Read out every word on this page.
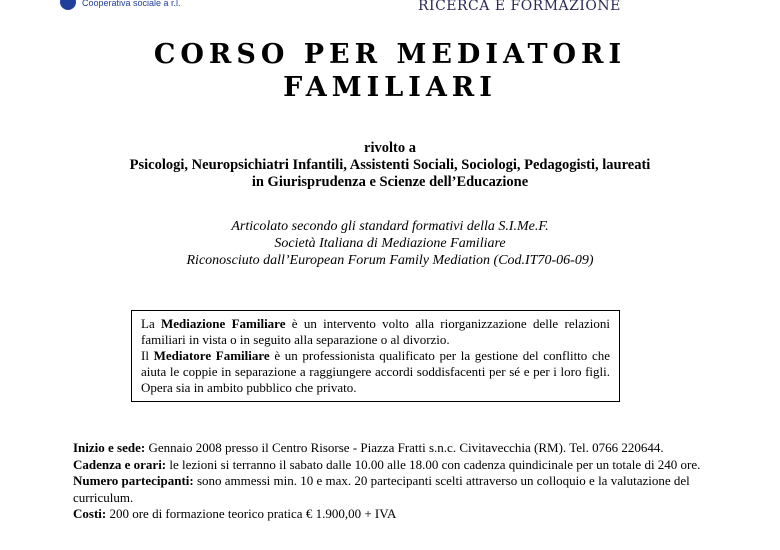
Cooperativa sociale a r.l.	RICERCA E FORMAZIONE
CORSO PER MEDIATORI
FAMILIARI
rivolto a
Psicologi, Neuropsichiatri Infantili, Assistenti Sociali, Sociologi, Pedagogisti, laureati
in Giurisprudenza e Scienze dell’Educazione
Articolato secondo gli standard formativi della S.I.Me.F.
Società Italiana di Mediazione Familiare
Riconosciuto dall’European Forum Family Mediation (Cod.IT70-06-09)

La Mediazione Familiare è un intervento volto alla riorganizzazione delle relazioni familiari in vista o in seguito alla separazione o al divorzio.

Il Mediatore Familiare è un professionista qualificato per la gestione del conflitto che aiuta le coppie in separazione a raggiungere accordi soddisfacenti per sé e per i loro figli. Opera sia in ambito pubblico che privato.

Inizio e sede: Gennaio 2008 presso il Centro Risorse - Piazza Fratti s.n.c. Civitavecchia (RM). Tel. 0766 220644.

Cadenza e orari: le lezioni si terranno il sabato dalle 10.00 alle 18.00 con cadenza quindicinale per un totale di 240 ore.

Numero partecipanti: sono ammessi min. 10 e max. 20 partecipanti scelti attraverso un colloquio e la valutazione del curriculum.

Costi: 200 ore di formazione teorico pratica € 1.900,00 + IVA
